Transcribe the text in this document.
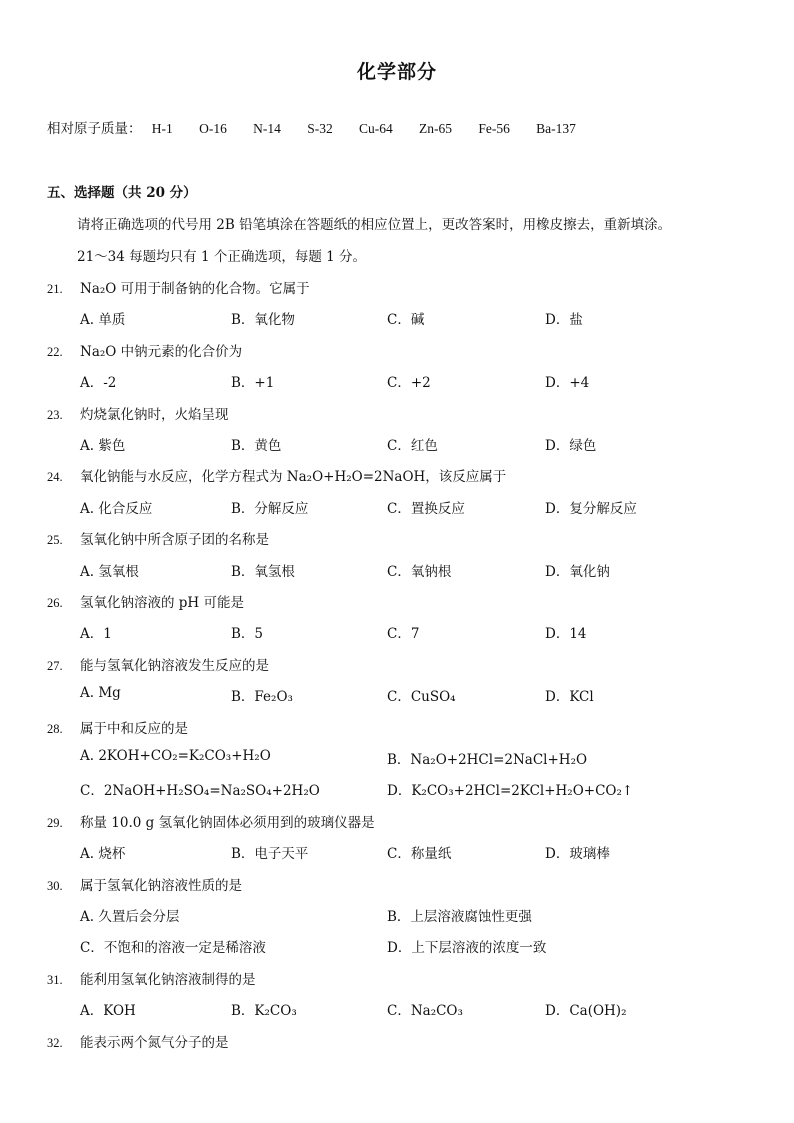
化学部分
相对原子质量： H-1 O-16 N-14 S-32 Cu-64 Zn-65 Fe-56 Ba-137
五、选择题（共 20 分）
请将正确选项的代号用 2B 铅笔填涂在答题纸的相应位置上，更改答案时，用橡皮擦去，重新填涂。
21～34 每题均只有 1 个正确选项，每题 1 分。
21. Na₂O 可用于制备钠的化合物。它属于
A. 单质	B．氧化物	C．碱	D．盐
22. Na₂O 中钠元素的化合价为
A．-2	B．+1	C．+2	D．+4
23. 灼烧氯化钠时，火焰呈现
A. 紫色	B．黄色	C．红色	D．绿色
24. 氧化钠能与水反应，化学方程式为 Na₂O+H₂O=2NaOH，该反应属于
A. 化合反应	B．分解反应	C．置换反应	D．复分解反应
25. 氢氧化钠中所含原子团的名称是
A. 氢氧根	B．氧氢根	C．氧钠根	D．氧化钠
26. 氢氧化钠溶液的 pH 可能是
A．1	B．5	C．7	D．14
27. 能与氢氧化钠溶液发生反应的是
A. Mg	B．Fe₂O₃	C．CuSO₄	D．KCl
28. 属于中和反应的是
A. 2KOH+CO₂=K₂CO₃+H₂O	B．Na₂O+2HCl=2NaCl+H₂O
C．2NaOH+H₂SO₄=Na₂SO₄+2H₂O	D．K₂CO₃+2HCl=2KCl+H₂O+CO₂↑
29. 称量 10.0 g 氢氧化钠固体必须用到的玻璃仪器是
A. 烧杯	B．电子天平	C．称量纸	D．玻璃棒
30. 属于氢氧化钠溶液性质的是
A. 久置后会分层	B．上层溶液腐蚀性更强
C．不饱和的溶液一定是稀溶液	D．上下层溶液的浓度一致
31. 能利用氢氧化钠溶液制得的是
A．KOH	B．K₂CO₃	C．Na₂CO₃	D．Ca(OH)₂
32. 能表示两个氮气分子的是
